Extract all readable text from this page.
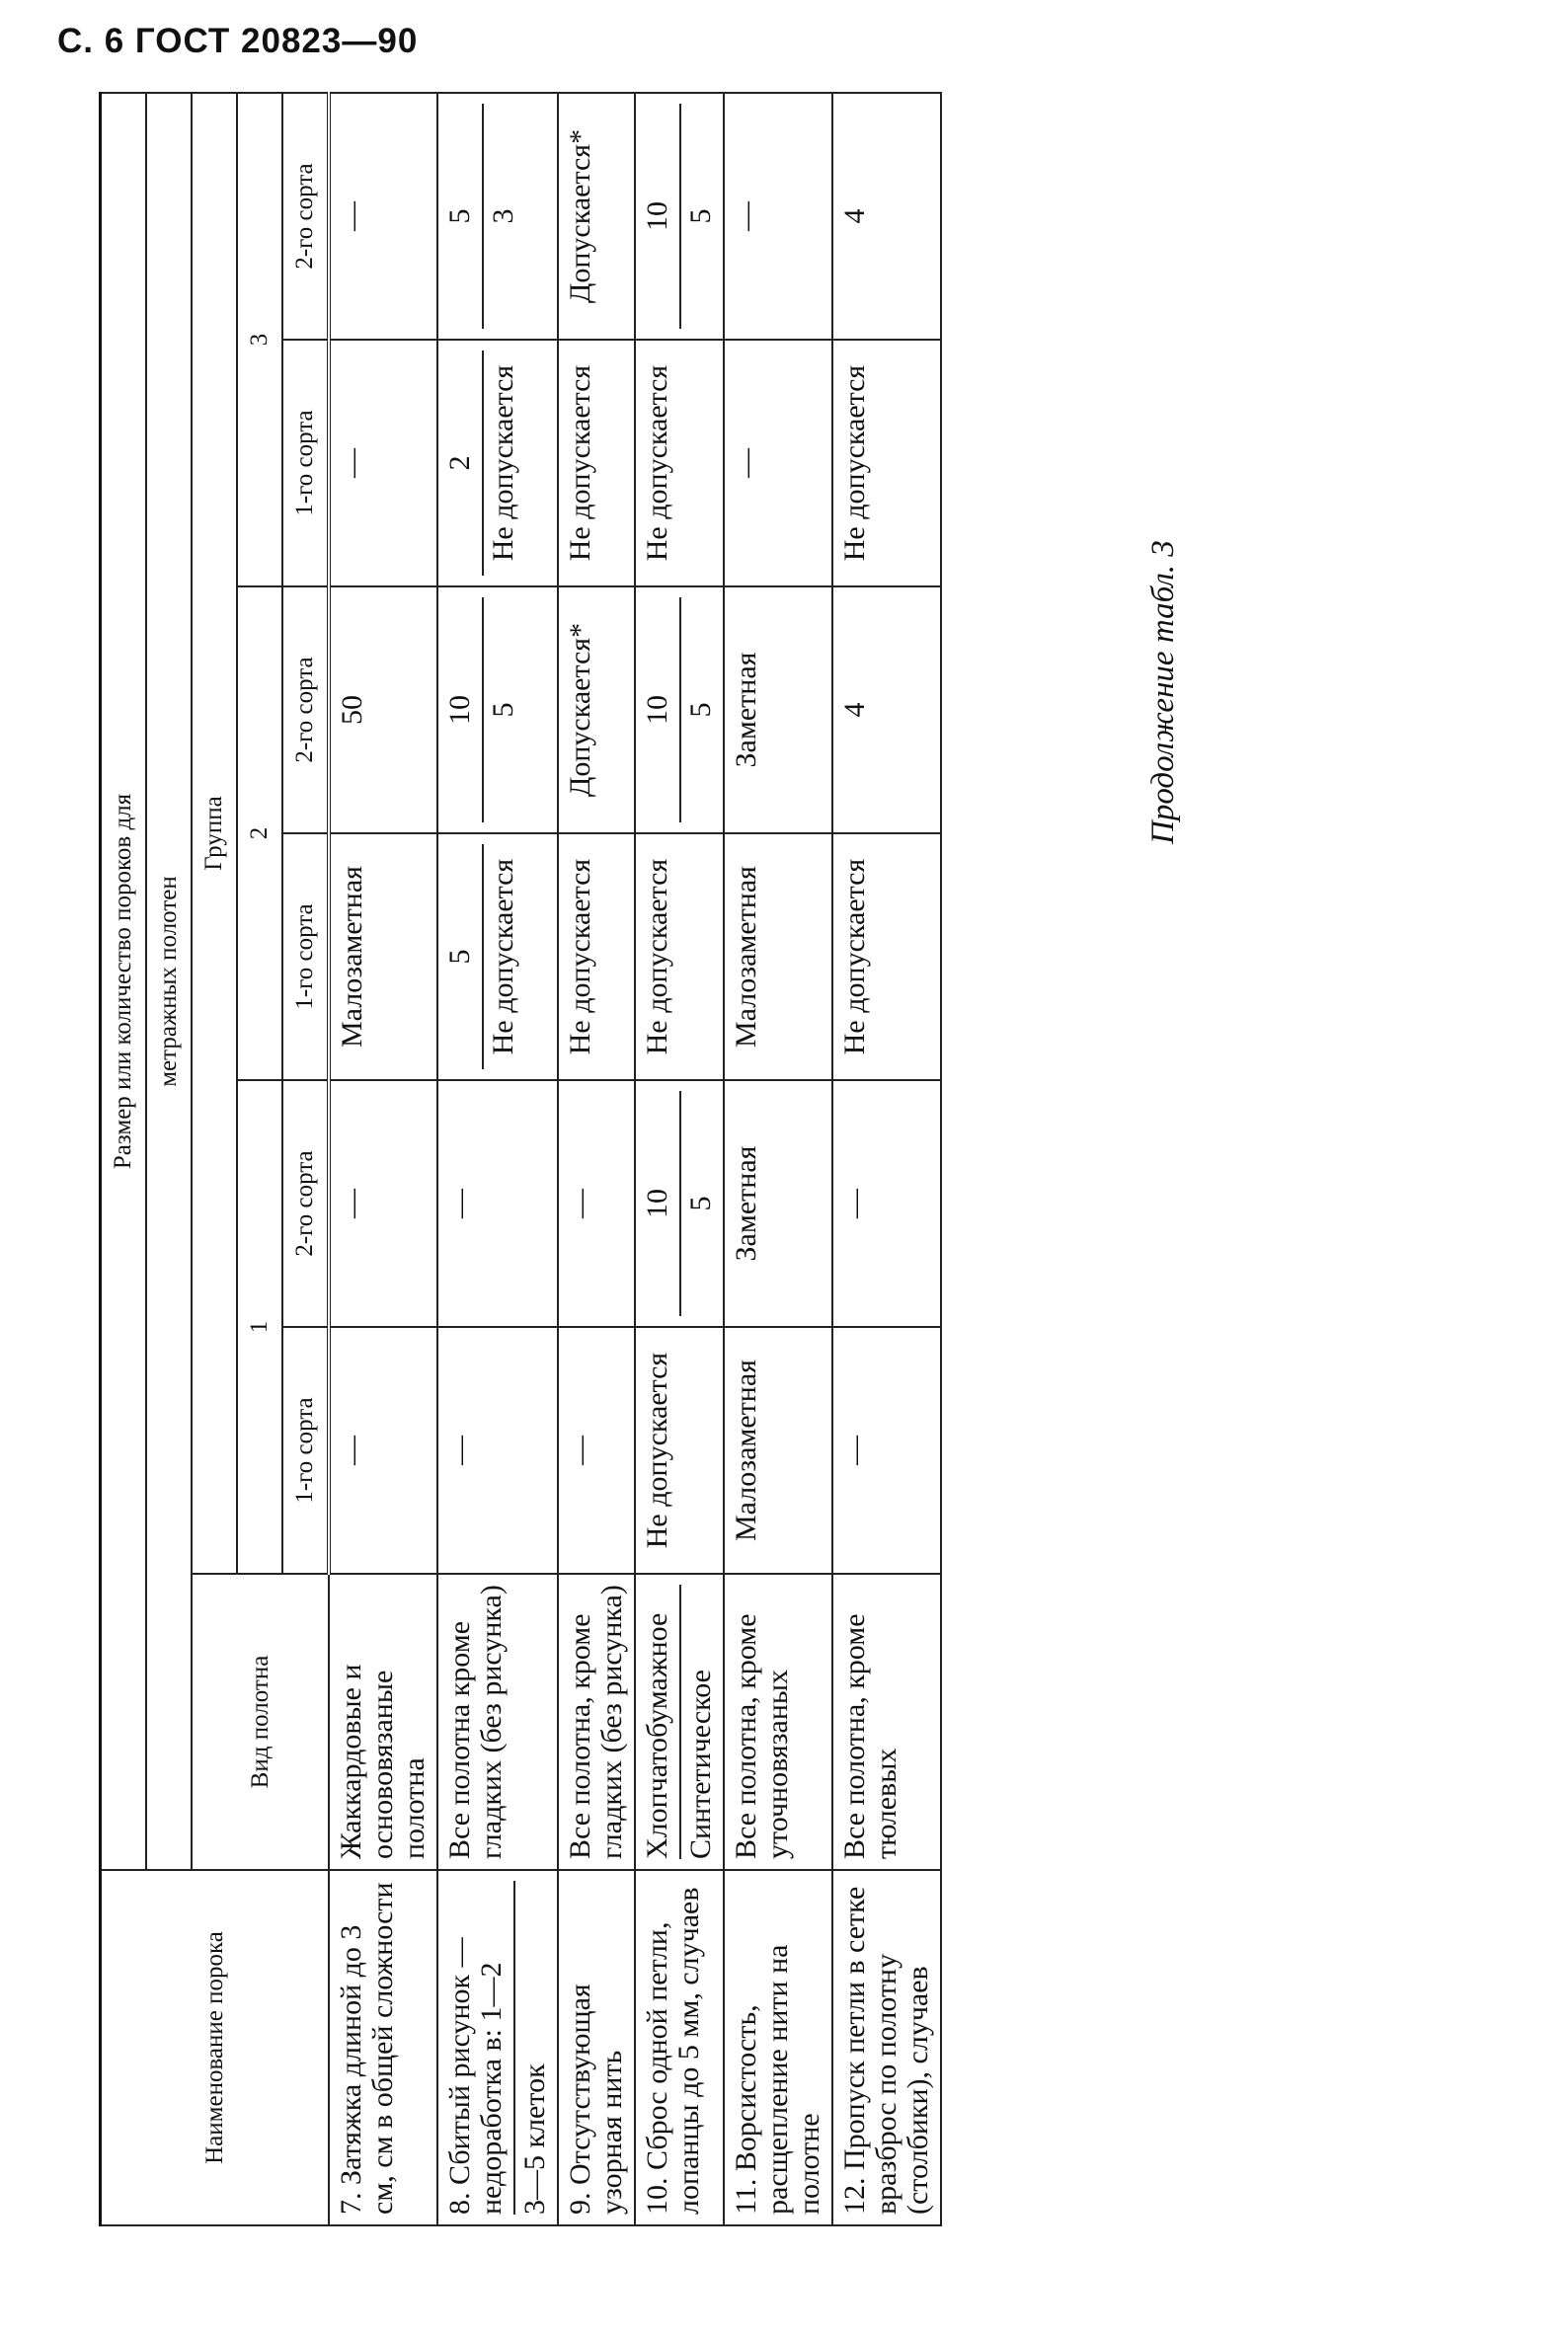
С. 6 ГОСТ 20823—90
Продолжение табл. 3
Наименование порока	Размер или количество пороков для						
	метражных полотен						
	Вид полотна	Группа					
		1		2		3	
		1-го сорта	2-го сорта	1-го сорта	2-го сорта	1-го сорта	2-го сорта
7. Затяжка длиной до 3 см, см в общей сложности	Жаккардовые и основовязаные полотна	—	—	Малозаметная	50	—	—
8. Сбитый рисунок — недоработка в: 1—2 3—5 клеток	Все полотна кроме гладких (без рисунка)	—	—	5 Не допускается	10 5	2 Не допускается	5 3

9. Отсутствующая узорная нить	Все полотна, кроме гладких (без рисунка)	—	—	Не допускается	Допускается*	Не допускается	Допускается*
10. Сброс одной петли, лопанцы до 5 мм, случаев	Хлопчатобумажное Синтетическое	Не допускается	10 5	Не допускается	10 5	Не допускается	10 5

11. Ворсистость, расщепление нити на полотне	Все полотна, кроме уточновязаных	Малозаметная	Заметная	Малозаметная	Заметная	—	—
12. Пропуск петли в сетке вразброс по полотну (столбики), случаев	Все полотна, кроме тюлевых	—	—	Не допускается	4	Не допускается	4
